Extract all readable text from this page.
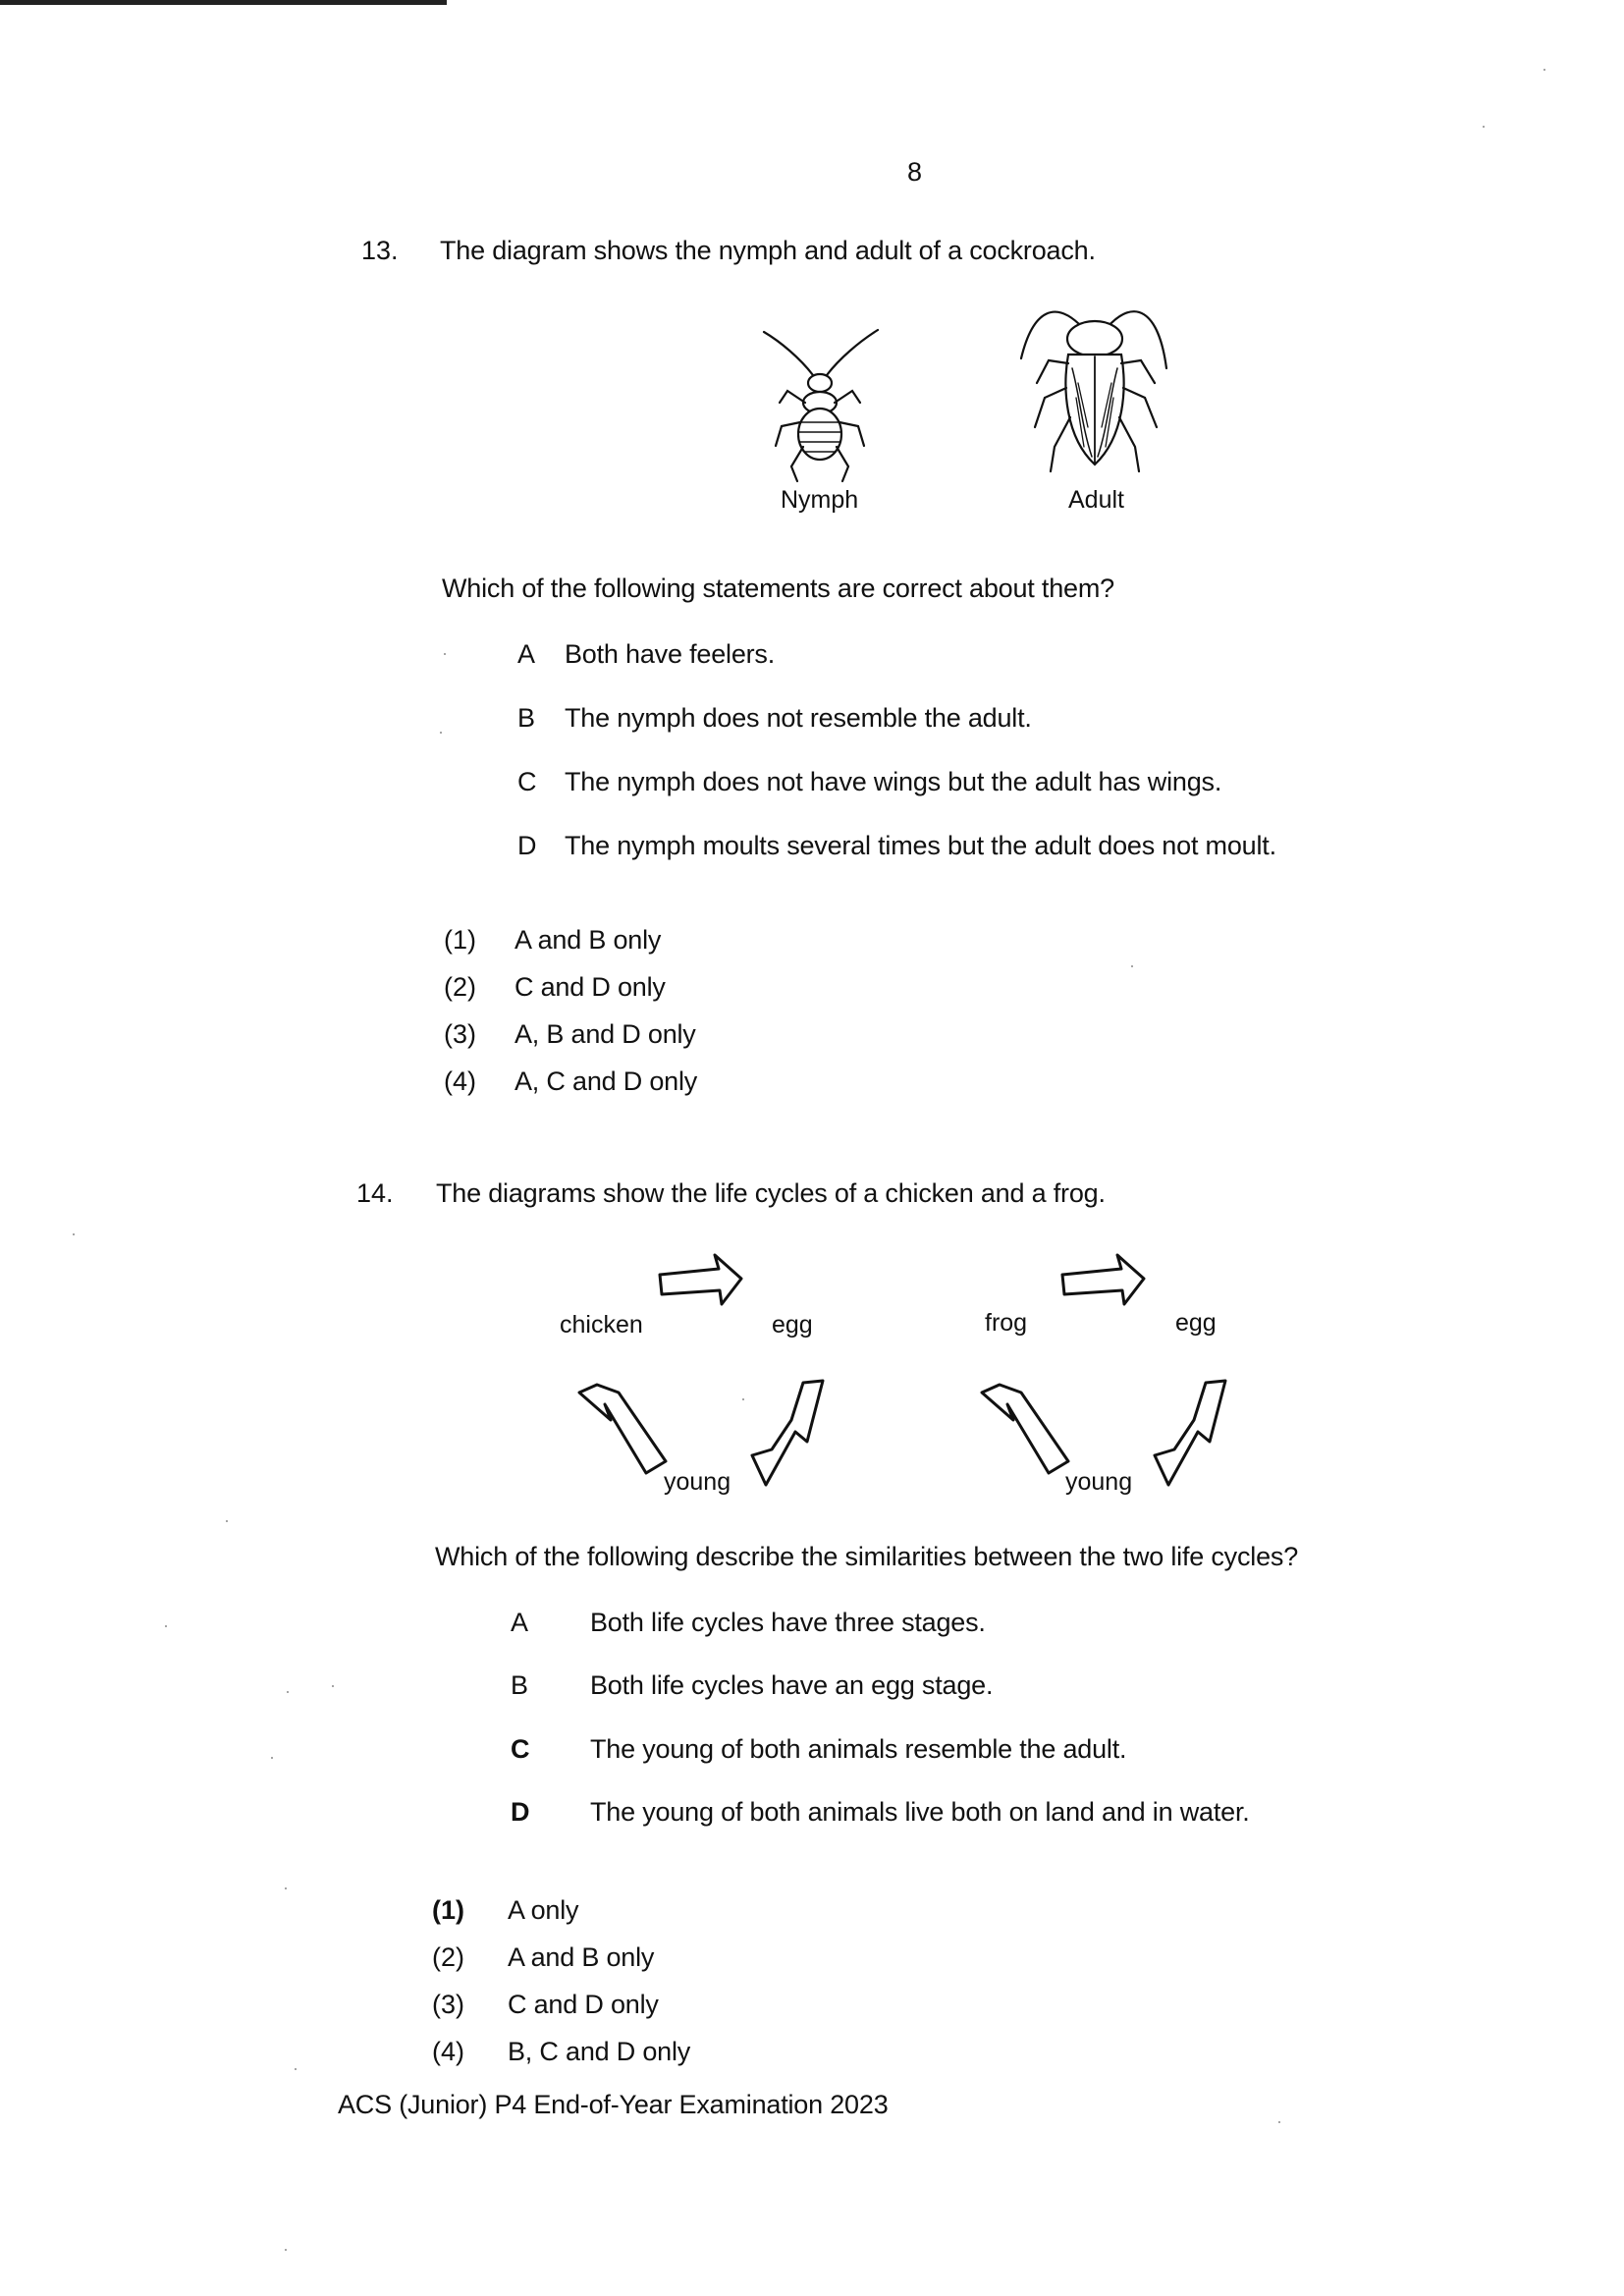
8
13. The diagram shows the nymph and adult of a cockroach.
Nymph	Adult
Which of the following statements are correct about them?
A Both have feelers.
B The nymph does not resemble the adult.
C The nymph does not have wings but the adult has wings.
D The nymph moults several times but the adult does not moult.
(1) A and B only
(2) C and D only
(3) A, B and D only
(4) A, C and D only
14. The diagrams show the life cycles of a chicken and a frog.
chicken	egg
young
frog	egg
young
Which of the following describe the similarities between the two life cycles?
A Both life cycles have three stages.
B Both life cycles have an egg stage.
C The young of both animals resemble the adult.
D The young of both animals live both on land and in water.
(1) A only
(2) A and B only
(3) C and D only
(4) B, C and D only
ACS (Junior) P4 End-of-Year Examination 2023
